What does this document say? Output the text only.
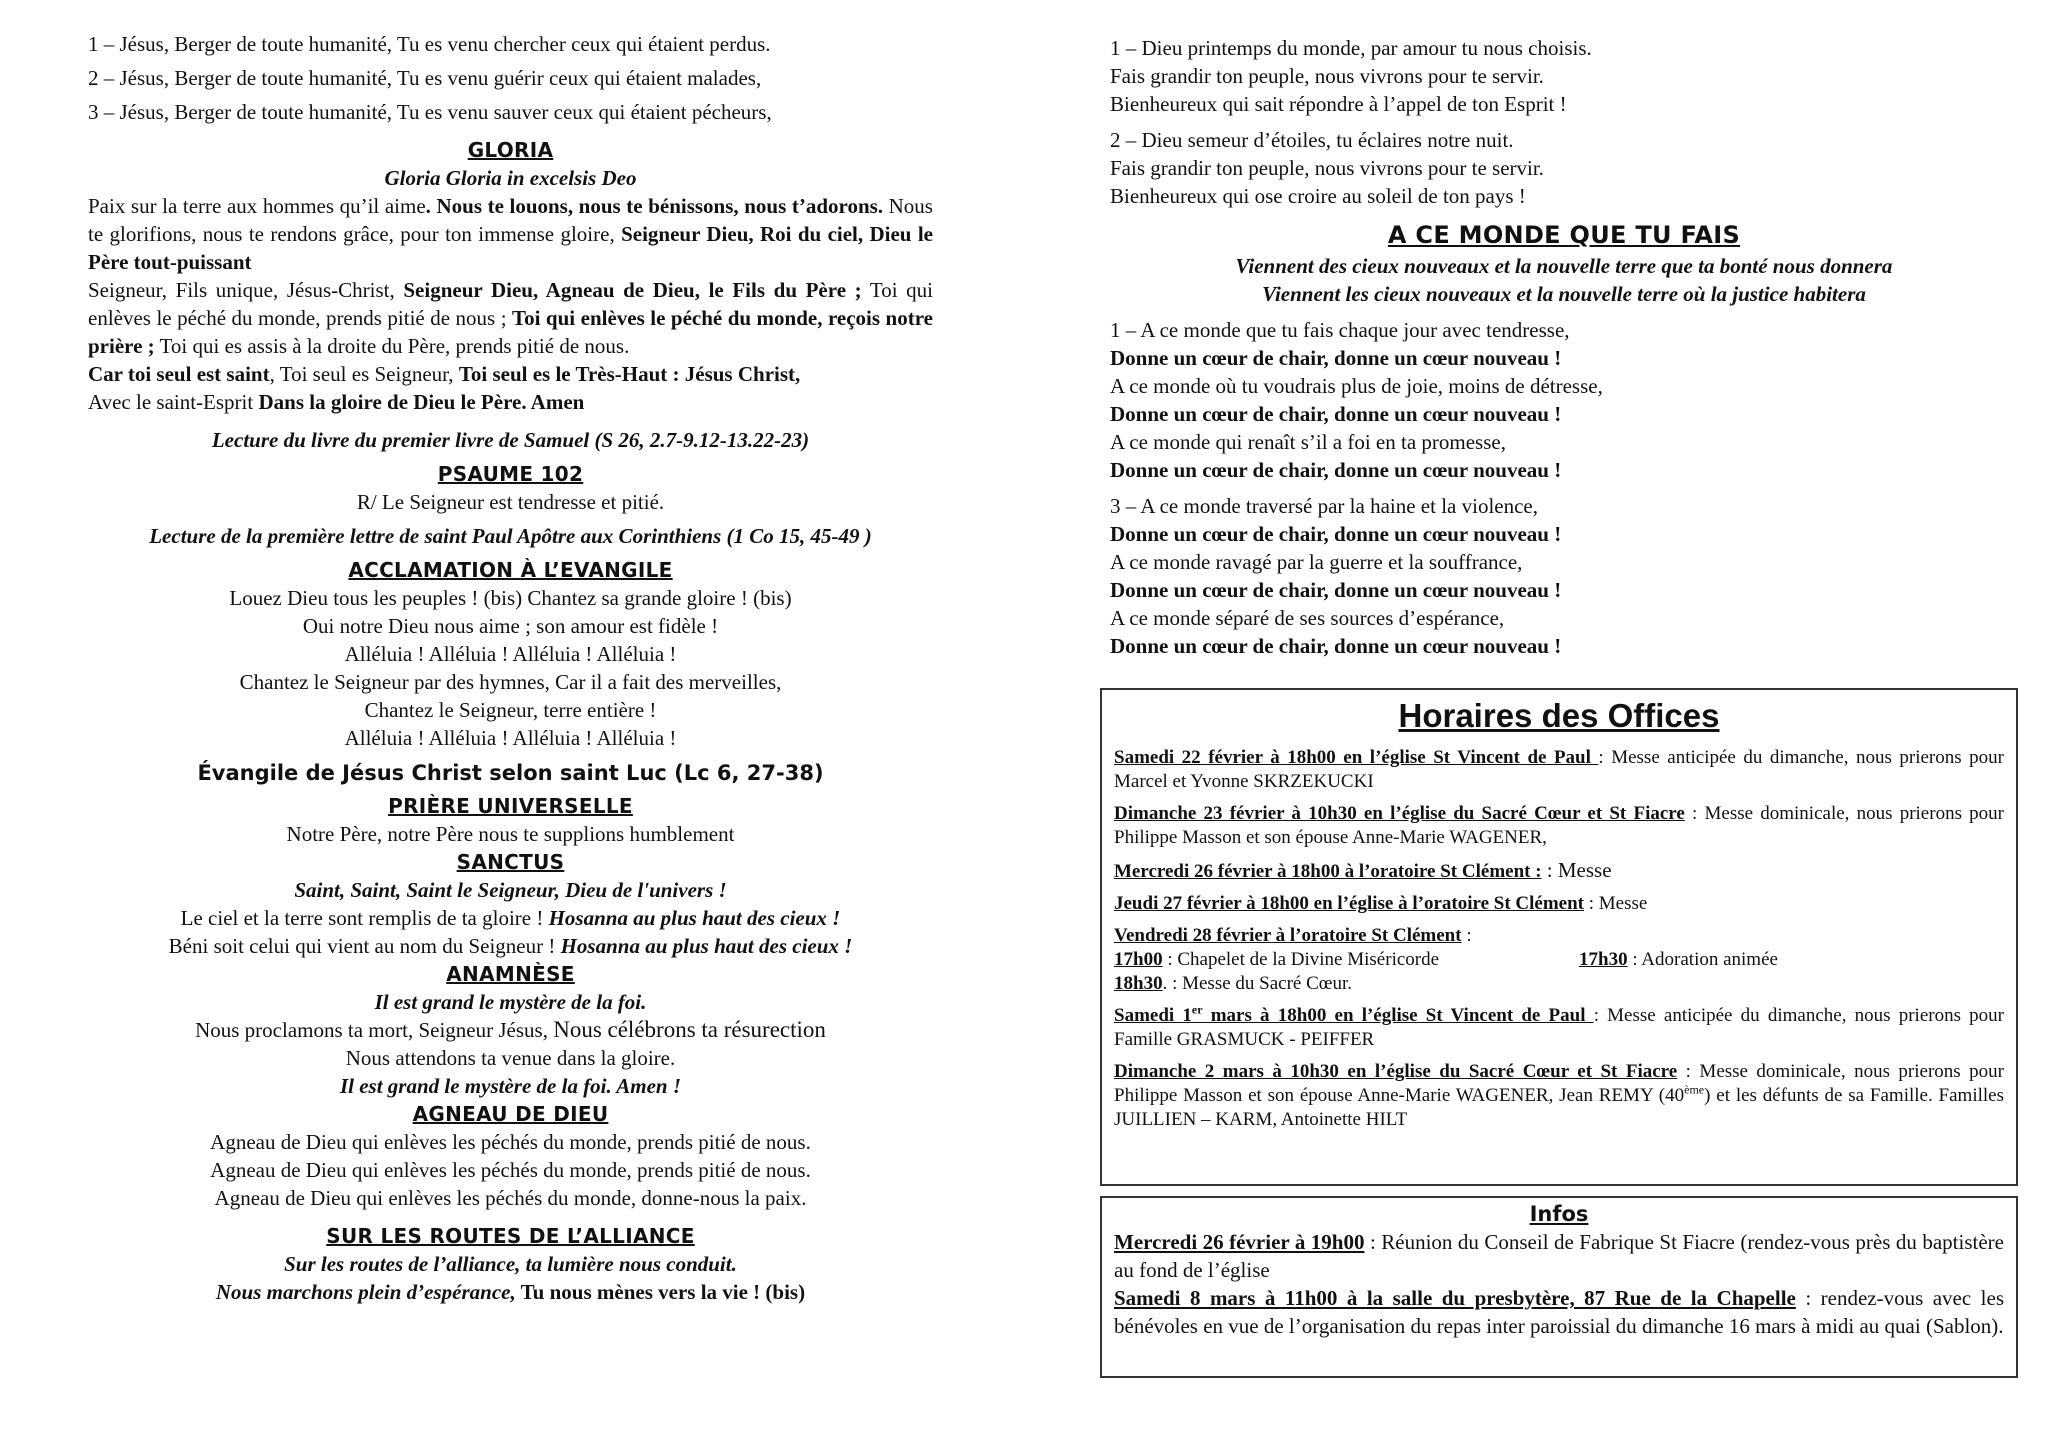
1 – Jésus, Berger de toute humanité, Tu es venu chercher ceux qui étaient perdus.

2 – Jésus, Berger de toute humanité, Tu es venu guérir ceux qui étaient malades,

3 – Jésus, Berger de toute humanité, Tu es venu sauver ceux qui étaient pécheurs,

GLORIA

Gloria Gloria in excelsis Deo

Paix sur la terre aux hommes qu’il aime. Nous te louons, nous te bénissons, nous t’adorons. Nous te glorifions, nous te rendons grâce, pour ton immense gloire, Seigneur Dieu, Roi du ciel, Dieu le Père tout-puissant

Seigneur, Fils unique, Jésus-Christ, Seigneur Dieu, Agneau de Dieu, le Fils du Père ; Toi qui enlèves le péché du monde, prends pitié de nous ; Toi qui enlèves le péché du monde, reçois notre prière ; Toi qui es assis à la droite du Père, prends pitié de nous.

Car toi seul est saint, Toi seul es Seigneur, Toi seul es le Très-Haut : Jésus Christ,
Avec le saint-Esprit Dans la gloire de Dieu le Père. Amen

Lecture du livre du premier livre de Samuel (S 26, 2.7-9.12-13.22-23)

PSAUME 102

R/ Le Seigneur est tendresse et pitié.

Lecture de la première lettre de saint Paul Apôtre aux Corinthiens (1 Co 15, 45-49 )

ACCLAMATION À L’EVANGILE

Louez Dieu tous les peuples ! (bis) Chantez sa grande gloire ! (bis)

Oui notre Dieu nous aime ; son amour est fidèle !

Alléluia ! Alléluia ! Alléluia ! Alléluia !

Chantez le Seigneur par des hymnes, Car il a fait des merveilles,

Chantez le Seigneur, terre entière !

Alléluia ! Alléluia ! Alléluia ! Alléluia !

Évangile de Jésus Christ selon saint Luc (Lc 6, 27-38)

PRIÈRE UNIVERSELLE

Notre Père, notre Père nous te supplions humblement

SANCTUS

Saint, Saint, Saint le Seigneur, Dieu de l'univers !

Le ciel et la terre sont remplis de ta gloire ! Hosanna au plus haut des cieux !

Béni soit celui qui vient au nom du Seigneur ! Hosanna au plus haut des cieux !

ANAMNÈSE

Il est grand le mystère de la foi.

Nous proclamons ta mort, Seigneur Jésus, Nous célébrons ta résurection

Nous attendons ta venue dans la gloire.

Il est grand le mystère de la foi. Amen !

AGNEAU DE DIEU

Agneau de Dieu qui enlèves les péchés du monde, prends pitié de nous.

Agneau de Dieu qui enlèves les péchés du monde, prends pitié de nous.

Agneau de Dieu qui enlèves les péchés du monde, donne-nous la paix.

SUR LES ROUTES DE L’ALLIANCE

Sur les routes de l’alliance, ta lumière nous conduit.

Nous marchons plein d’espérance, Tu nous mènes vers la vie ! (bis)

1 – Dieu printemps du monde, par amour tu nous choisis.

Fais grandir ton peuple, nous vivrons pour te servir.

Bienheureux qui sait répondre à l’appel de ton Esprit !

2 – Dieu semeur d’étoiles, tu éclaires notre nuit.

Fais grandir ton peuple, nous vivrons pour te servir.

Bienheureux qui ose croire au soleil de ton pays !

A CE MONDE QUE TU FAIS

Viennent des cieux nouveaux et la nouvelle terre que ta bonté nous donnera

Viennent les cieux nouveaux et la nouvelle terre où la justice habitera

1 – A ce monde que tu fais chaque jour avec tendresse,

Donne un cœur de chair, donne un cœur nouveau !

A ce monde où tu voudrais plus de joie, moins de détresse,

Donne un cœur de chair, donne un cœur nouveau !

A ce monde qui renaît s’il a foi en ta promesse,

Donne un cœur de chair, donne un cœur nouveau !

3 – A ce monde traversé par la haine et la violence,

Donne un cœur de chair, donne un cœur nouveau !

A ce monde ravagé par la guerre et la souffrance,

Donne un cœur de chair, donne un cœur nouveau !

A ce monde séparé de ses sources d’espérance,

Donne un cœur de chair, donne un cœur nouveau !

Horaires des Offices

Samedi 22 février à 18h00 en l’église St Vincent de Paul : Messe anticipée du dimanche, nous prierons pour Marcel et Yvonne SKRZEKUCKI

Dimanche 23 février à 10h30 en l’église du Sacré Cœur et St Fiacre : Messe dominicale, nous prierons pour Philippe Masson et son épouse Anne-Marie WAGENER,

Mercredi 26 février à 18h00 à l’oratoire St Clément : : Messe

Jeudi 27 février à 18h00 en l’église à l’oratoire St Clément : Messe

Vendredi 28 février à l’oratoire St Clément :
17h00 : Chapelet de la Divine Miséricorde	17h30 : Adoration animée
18h30. : Messe du Sacré Cœur.

Samedi 1er mars à 18h00 en l’église St Vincent de Paul : Messe anticipée du dimanche, nous prierons pour Famille GRASMUCK - PEIFFER

Dimanche 2 mars à 10h30 en l’église du Sacré Cœur et St Fiacre : Messe dominicale, nous prierons pour Philippe Masson et son épouse Anne-Marie WAGENER, Jean REMY (40ème) et les défunts de sa Famille. Familles JUILLIEN – KARM, Antoinette HILT

Infos

Mercredi 26 février à 19h00 : Réunion du Conseil de Fabrique St Fiacre (rendez-vous près du baptistère au fond de l’église

Samedi 8 mars à 11h00 à la salle du presbytère, 87 Rue de la Chapelle : rendez-vous avec les bénévoles en vue de l’organisation du repas inter paroissial du dimanche 16 mars à midi au quai (Sablon).
